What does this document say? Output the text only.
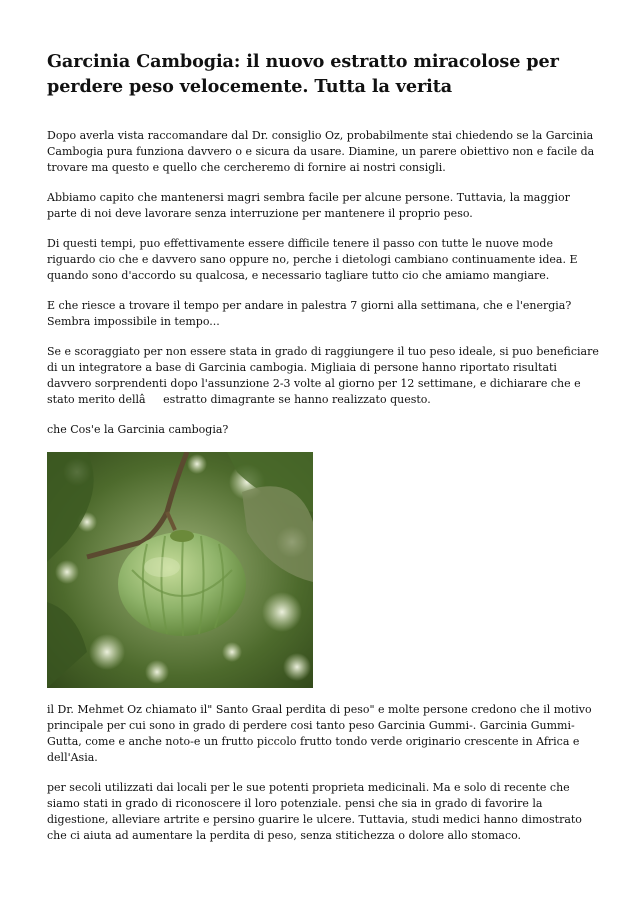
Garcinia Cambogia: il nuovo estratto miracolose per perdere peso velocemente. Tutta la verita

Dopo averla vista raccomandare dal Dr. consiglio Oz, probabilmente stai chiedendo se la Garcinia Cambogia pura funziona davvero o e sicura da usare. Diamine, un parere obiettivo non e facile da trovare ma questo e quello che cercheremo di fornire ai nostri consigli.

Abbiamo capito che mantenersi magri sembra facile per alcune persone. Tuttavia, la maggior parte di noi deve lavorare senza interruzione per mantenere il proprio peso.

Di questi tempi, puo effettivamente essere difficile tenere il passo con tutte le nuove mode riguardo cio che e davvero sano oppure no, perche i dietologi cambiano continuamente idea. E quando sono d'accordo su qualcosa, e necessario tagliare tutto cio che amiamo mangiare.

E che riesce a trovare il tempo per andare in palestra 7 giorni alla settimana, che e l'energia? Sembra impossibile in tempo...

Se e scoraggiato per non essere stata in grado di raggiungere il tuo peso ideale, si puo beneficiare di un integratore a base di Garcinia cambogia. Migliaia di persone hanno riportato risultati davvero sorprendenti dopo l'assunzione 2-3 volte al giorno per 12 settimane, e dichiarare che e stato merito dellâestratto dimagrante se hanno realizzato questo.

che Cos'e la Garcinia cambogia?

il Dr. Mehmet Oz chiamato il" Santo Graal perdita di peso" e molte persone credono che il motivo principale per cui sono in grado di perdere cosi tanto peso Garcinia Gummi-. Garcinia Gummi-Gutta, come e anche noto-e un frutto piccolo frutto tondo verde originario crescente in Africa e dell'Asia.

per secoli utilizzati dai locali per le sue potenti proprieta medicinali. Ma e solo di recente che siamo stati in grado di riconoscere il loro potenziale. pensi che sia in grado di favorire la digestione, alleviare artrite e persino guarire le ulcere. Tuttavia, studi medici hanno dimostrato che ci aiuta ad aumentare la perdita di peso, senza stitichezza o dolore allo stomaco.
